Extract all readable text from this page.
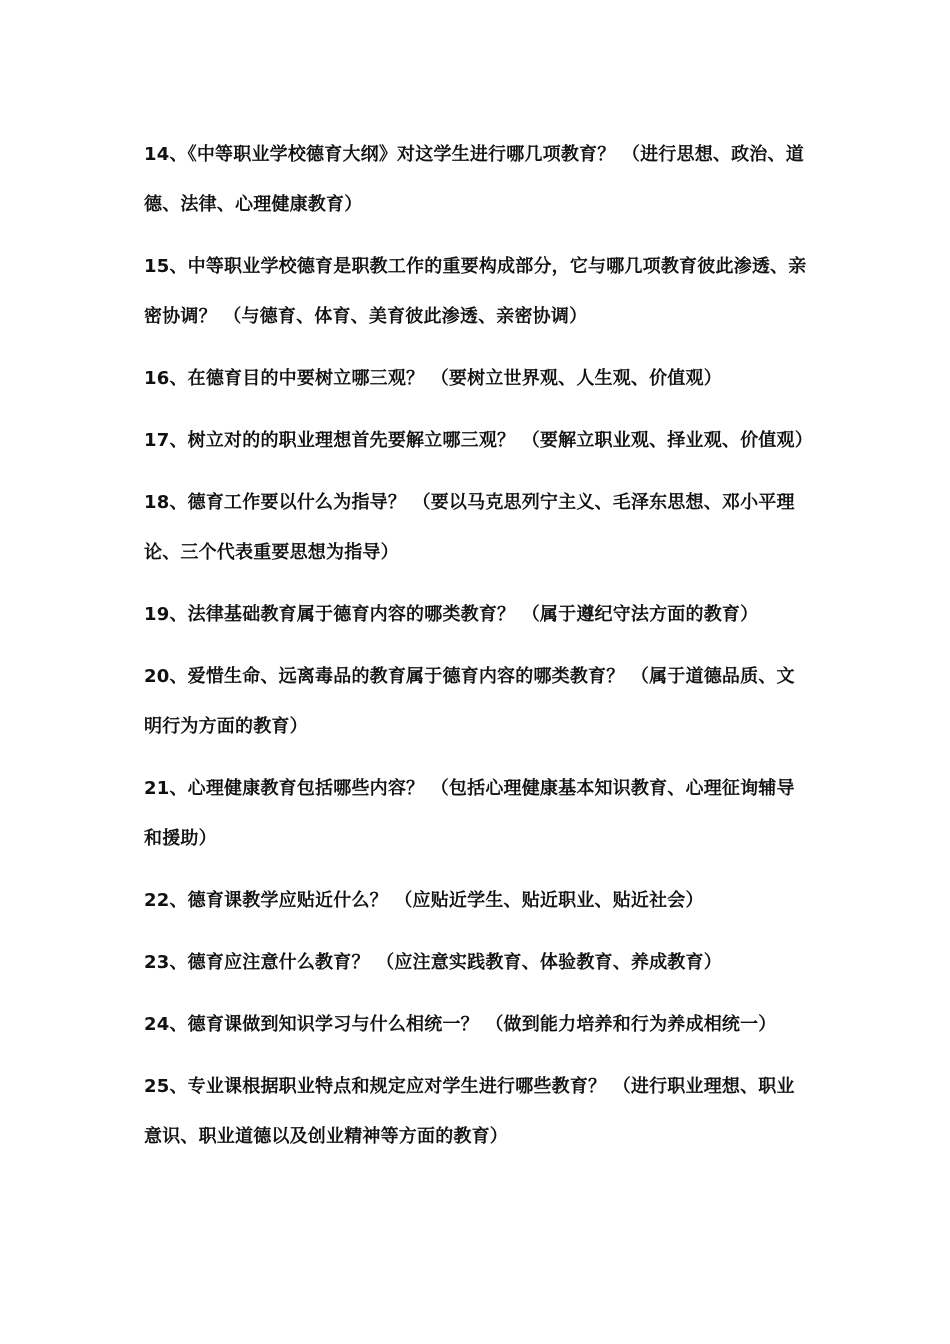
14、《中等职业学校德育大纲》对这学生进行哪几项教育？ （进行思想、政治、道德、法律、心理健康教育）
15、中等职业学校德育是职教工作的重要构成部分，它与哪几项教育彼此渗透、亲密协调？ （与德育、体育、美育彼此渗透、亲密协调）
16、在德育目的中要树立哪三观？ （要树立世界观、人生观、价值观）
17、树立对的的职业理想首先要解立哪三观？ （要解立职业观、择业观、价值观）
18、德育工作要以什么为指导？ （要以马克思列宁主义、毛泽东思想、邓小平理论、三个代表重要思想为指导）
19、法律基础教育属于德育内容的哪类教育？ （属于遵纪守法方面的教育）
20、爱惜生命、远离毒品的教育属于德育内容的哪类教育？ （属于道德品质、文明行为方面的教育）
21、心理健康教育包括哪些内容？ （包括心理健康基本知识教育、心理征询辅导和援助）
22、德育课教学应贴近什么？ （应贴近学生、贴近职业、贴近社会）
23、德育应注意什么教育？ （应注意实践教育、体验教育、养成教育）
24、德育课做到知识学习与什么相统一？ （做到能力培养和行为养成相统一）
25、专业课根据职业特点和规定应对学生进行哪些教育？ （进行职业理想、职业意识、职业道德以及创业精神等方面的教育）
